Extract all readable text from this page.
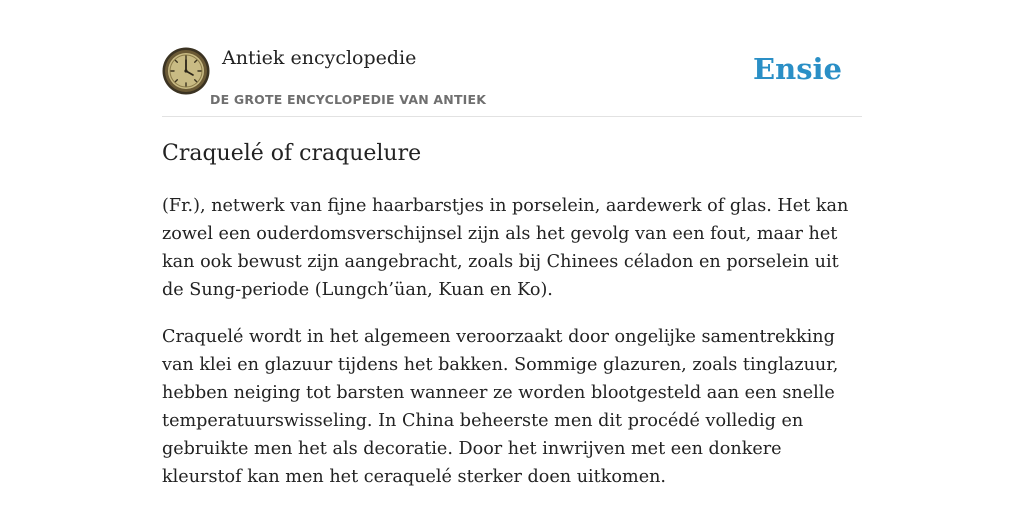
Antiek encyclopedie
DE GROTE ENCYCLOPEDIE VAN ANTIEK
Ensie
Craquelé of craquelure

(Fr.), netwerk van fijne haarbarstjes in porselein, aardewerk of glas. Het kan zowel een ouderdomsverschijnsel zijn als het gevolg van een fout, maar het kan ook bewust zijn aangebracht, zoals bij Chinees céladon en porselein uit de Sung-periode (Lungch’üan, Kuan en Ko).

Craquelé wordt in het algemeen veroorzaakt door ongelijke samentrekking van klei en glazuur tijdens het bakken. Sommige glazuren, zoals tinglazuur, hebben neiging tot barsten wanneer ze worden blootgesteld aan een snelle temperatuurswisseling. In China beheerste men dit procédé volledig en gebruikte men het als decoratie. Door het inwrijven met een donkere kleurstof kan men het ceraquelé sterker doen uitkomen.
